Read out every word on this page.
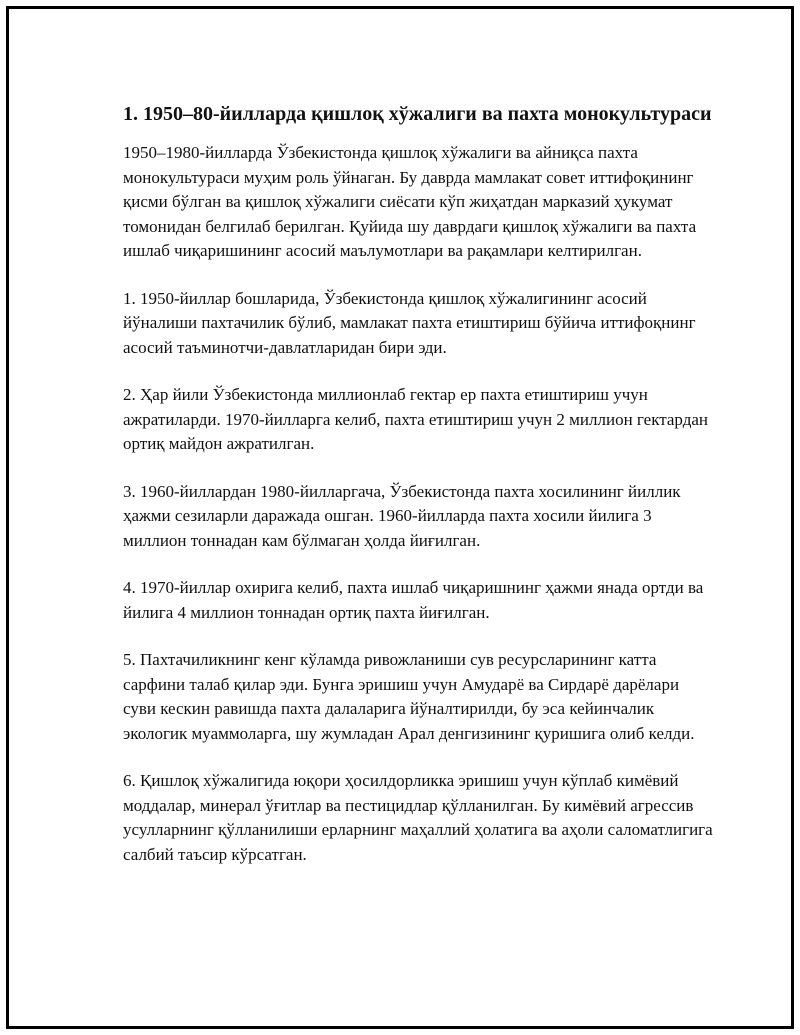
1. 1950–80-йилларда қишлоқ хўжалиги ва пахта монокультураси

1950–1980-йилларда Ўзбекистонда қишлоқ хўжалиги ва айниқса пахта монокультураси муҳим роль ўйнаган. Бу даврда мамлакат совет иттифоқининг қисми бўлган ва қишлоқ хўжалиги сиёсати кўп жиҳатдан марказий ҳукумат томонидан белгилаб берилган. Қуйида шу даврдаги қишлоқ хўжалиги ва пахта ишлаб чиқаришининг асосий маълумотлари ва рақамлари келтирилган.

1. 1950-йиллар бошларида, Ўзбекистонда қишлоқ хўжалигининг асосий йўналиши пахтачилик бўлиб, мамлакат пахта етиштириш бўйича иттифоқнинг асосий таъминотчи-давлатларидан бири эди.

2. Ҳар йили Ўзбекистонда миллионлаб гектар ер пахта етиштириш учун ажратиларди. 1970-йилларга келиб, пахта етиштириш учун 2 миллион гектардан ортиқ майдон ажратилган.

3. 1960-йиллардан 1980-йилларгача, Ўзбекистонда пахта хосилининг йиллик ҳажми сезиларли даражада ошган. 1960-йилларда пахта хосили йилига 3 миллион тоннадан кам бўлмаган ҳолда йиғилган.

4. 1970-йиллар охирига келиб, пахта ишлаб чиқаришнинг ҳажми янада ортди ва йилига 4 миллион тоннадан ортиқ пахта йиғилган.

5. Пахтачиликнинг кенг кўламда ривожланиши сув ресурсларининг катта сарфини талаб қилар эди. Бунга эришиш учун Амударё ва Сирдарё дарёлари суви кескин равишда пахта далаларига йўналтирилди, бу эса кейинчалик экологик муаммоларга, шу жумладан Арал денгизининг қуришига олиб келди.

6. Қишлоқ хўжалигида юқори ҳосилдорликка эришиш учун кўплаб кимёвий моддалар, минерал ўғитлар ва пестицидлар қўлланилган. Бу кимёвий агрессив усулларнинг қўлланилиши ерларнинг маҳаллий ҳолатига ва аҳоли саломатлигига салбий таъсир кўрсатган.
